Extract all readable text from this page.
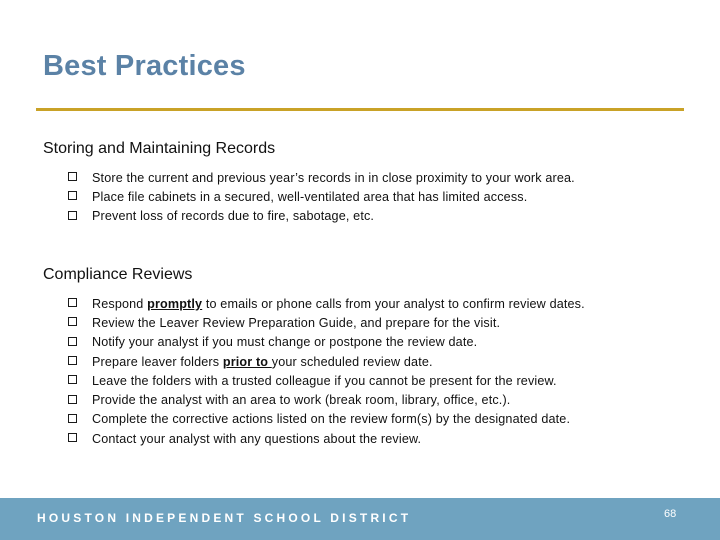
Best Practices
Storing and Maintaining Records
Store the current and previous year’s records in in close proximity to your work area.
Place file cabinets in a secured, well-ventilated area that has limited access.
Prevent loss of records due to fire, sabotage, etc.
Compliance Reviews
Respond promptly to emails or phone calls from your analyst to confirm review dates.
Review the Leaver Review Preparation Guide, and prepare for the visit.
Notify your analyst if you must change or postpone the review date.
Prepare leaver folders prior to your scheduled review date.
Leave the folders with a trusted colleague if you cannot be present for the review.
Provide the analyst with an area to work (break room, library, office, etc.).
Complete the corrective actions listed on the review form(s) by the designated date.
Contact your analyst with any questions about the review.
HOUSTON INDEPENDENT SCHOOL DISTRICT	68
